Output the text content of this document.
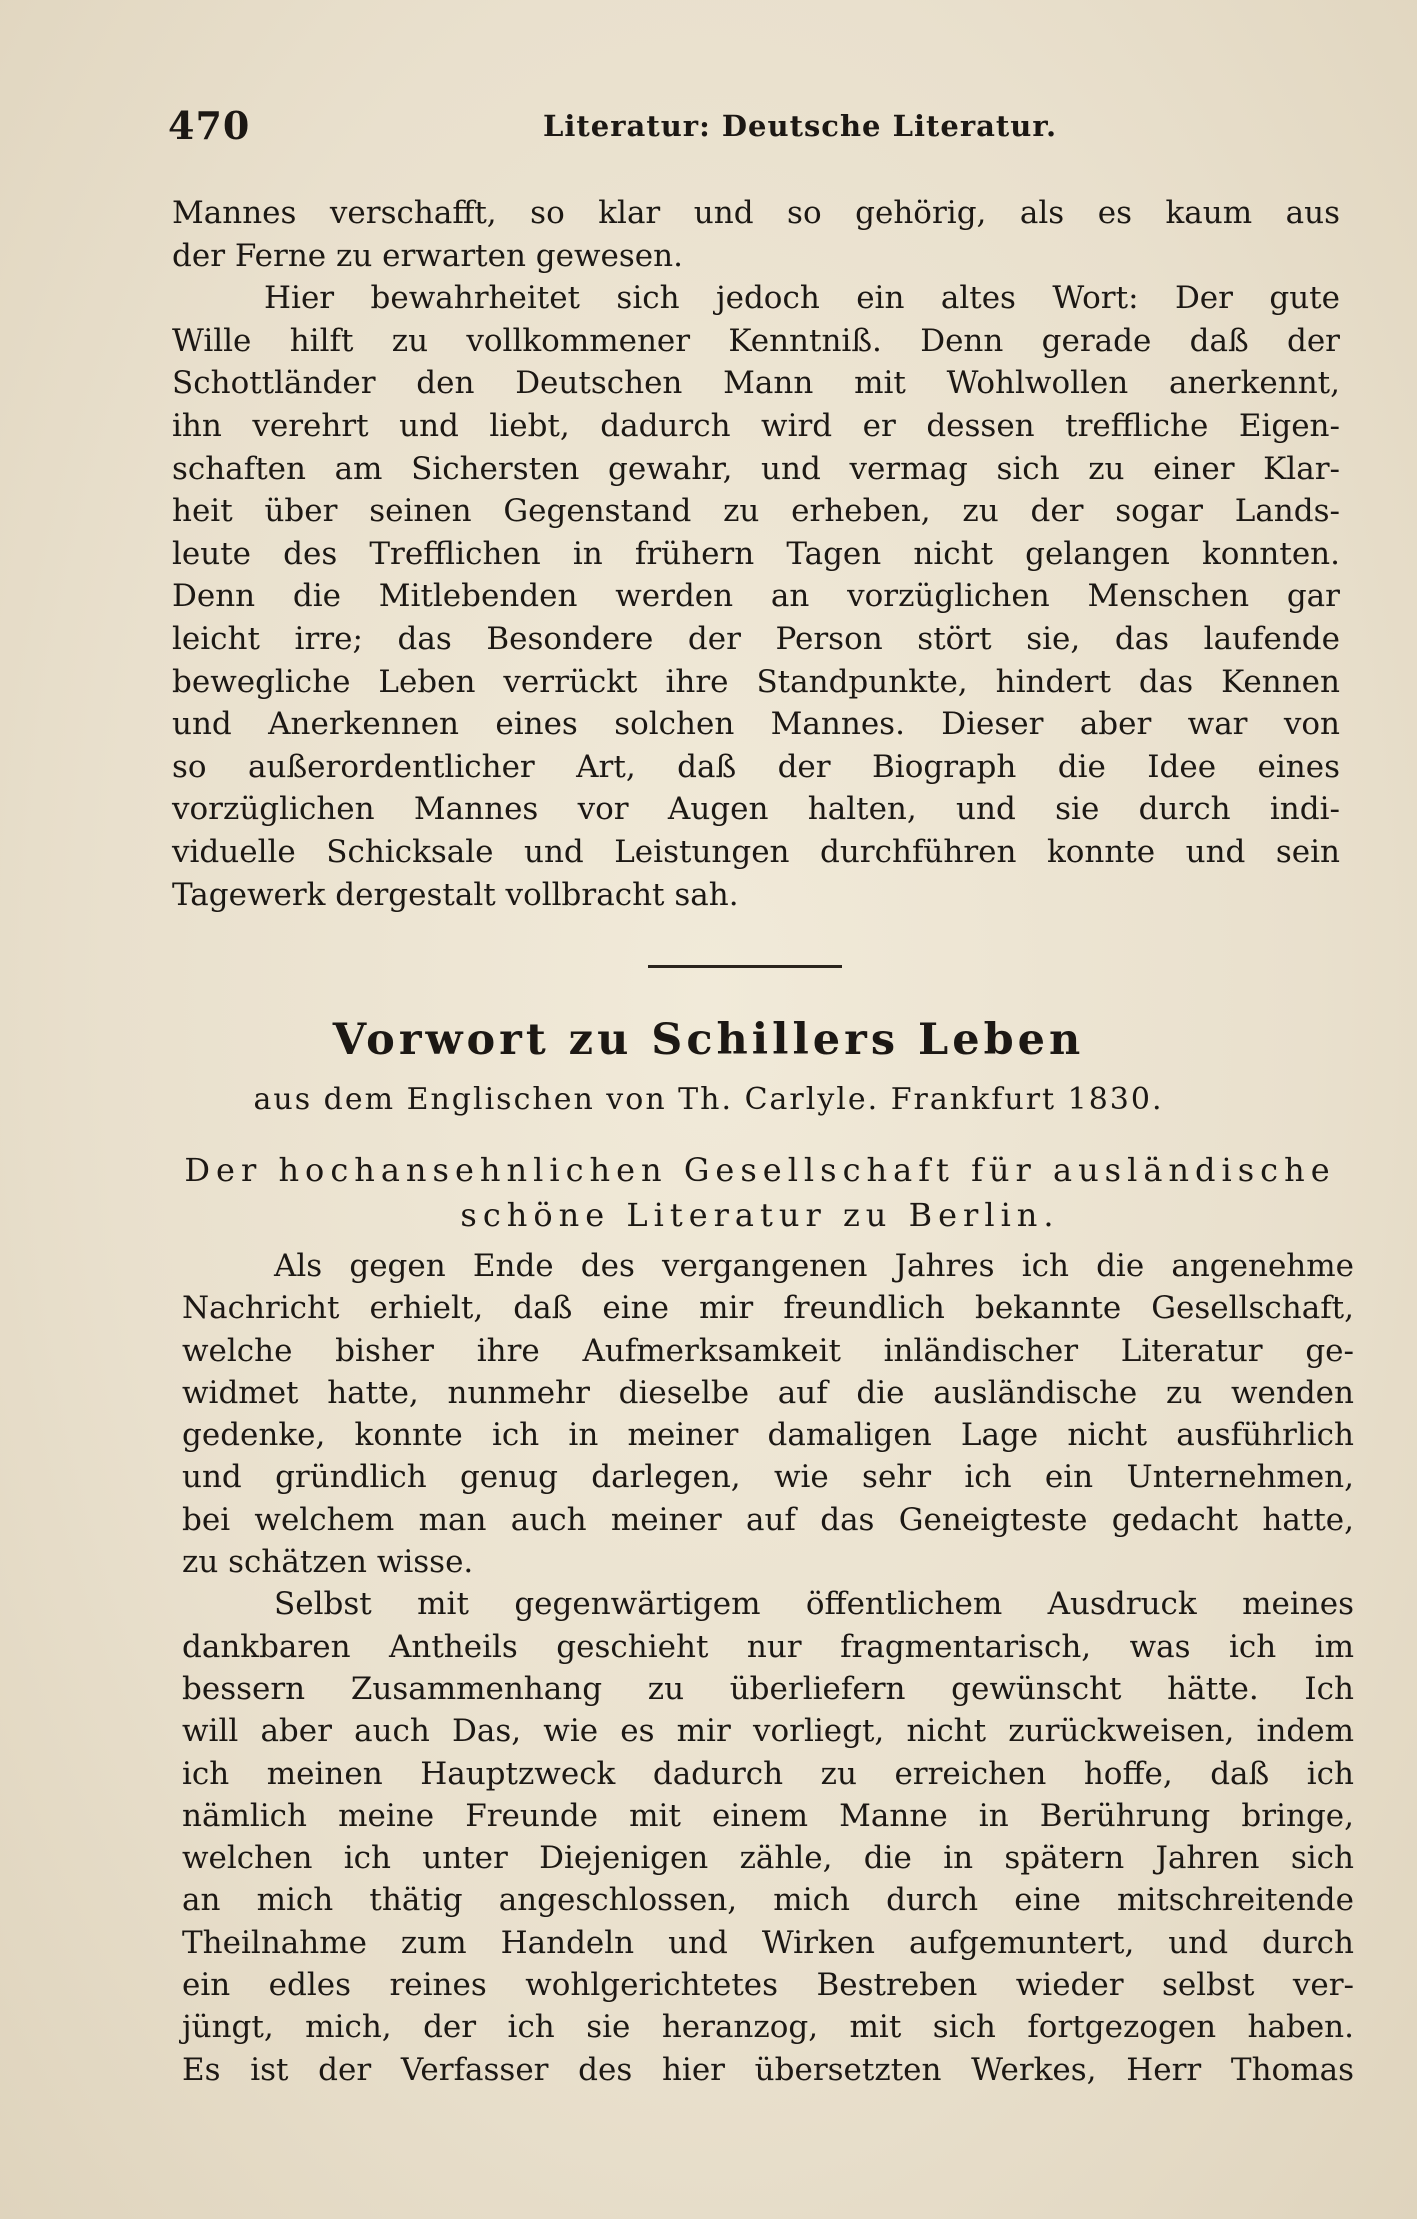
470	Literatur: Deutsche Literatur.
Mannes verschafft, so klar und so gehörig, als es kaum aus
der Ferne zu erwarten gewesen.
Hier bewahrheitet sich jedoch ein altes Wort: Der gute
Wille hilft zu vollkommener Kenntniß. Denn gerade daß der
Schottländer den Deutschen Mann mit Wohlwollen anerkennt,
ihn verehrt und liebt, dadurch wird er dessen treffliche Eigen-
schaften am Sichersten gewahr, und vermag sich zu einer Klar-
heit über seinen Gegenstand zu erheben, zu der sogar Lands-
leute des Trefflichen in frühern Tagen nicht gelangen konnten.
Denn die Mitlebenden werden an vorzüglichen Menschen gar
leicht irre; das Besondere der Person stört sie, das laufende
bewegliche Leben verrückt ihre Standpunkte, hindert das Kennen
und Anerkennen eines solchen Mannes. Dieser aber war von
so außerordentlicher Art, daß der Biograph die Idee eines
vorzüglichen Mannes vor Augen halten, und sie durch indi-
viduelle Schicksale und Leistungen durchführen konnte und sein
Tagewerk dergestalt vollbracht sah.
Vorwort zu Schillers Leben
aus dem Englischen von Th. Carlyle. Frankfurt 1830.
Der hochansehnlichen Gesellschaft für ausländische
schöne Literatur zu Berlin.
Als gegen Ende des vergangenen Jahres ich die angenehme
Nachricht erhielt, daß eine mir freundlich bekannte Gesellschaft,
welche bisher ihre Aufmerksamkeit inländischer Literatur ge-
widmet hatte, nunmehr dieselbe auf die ausländische zu wenden
gedenke, konnte ich in meiner damaligen Lage nicht ausführlich
und gründlich genug darlegen, wie sehr ich ein Unternehmen,
bei welchem man auch meiner auf das Geneigteste gedacht hatte,
zu schätzen wisse.
Selbst mit gegenwärtigem öffentlichem Ausdruck meines
dankbaren Antheils geschieht nur fragmentarisch, was ich im
bessern Zusammenhang zu überliefern gewünscht hätte. Ich
will aber auch Das, wie es mir vorliegt, nicht zurückweisen, indem
ich meinen Hauptzweck dadurch zu erreichen hoffe, daß ich
nämlich meine Freunde mit einem Manne in Berührung bringe,
welchen ich unter Diejenigen zähle, die in spätern Jahren sich
an mich thätig angeschlossen, mich durch eine mitschreitende
Theilnahme zum Handeln und Wirken aufgemuntert, und durch
ein edles reines wohlgerichtetes Bestreben wieder selbst ver-
jüngt, mich, der ich sie heranzog, mit sich fortgezogen haben.
Es ist der Verfasser des hier übersetzten Werkes, Herr Thomas
